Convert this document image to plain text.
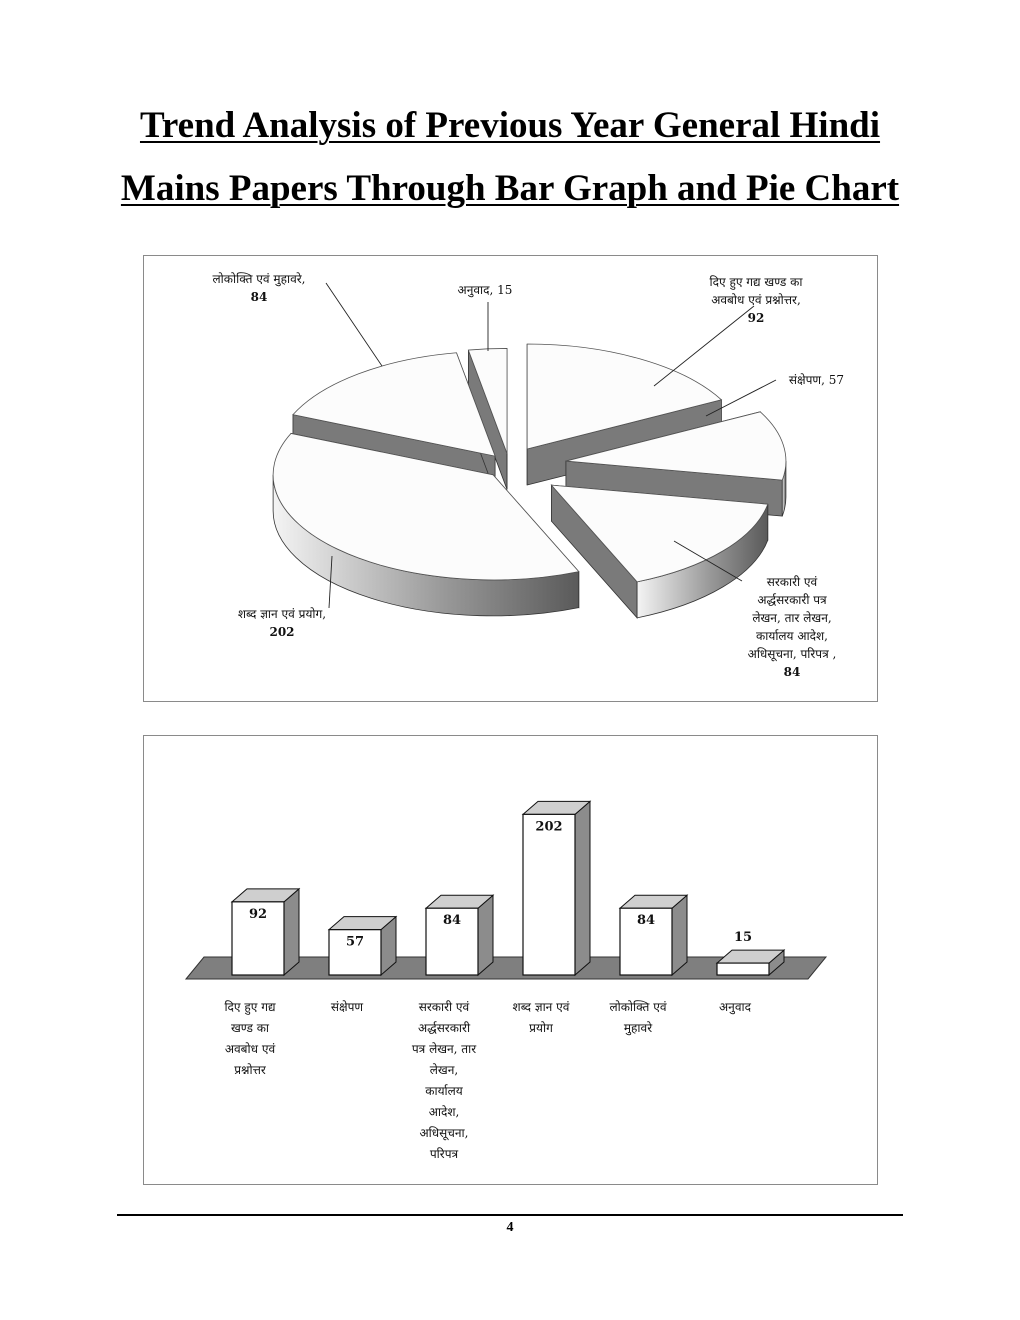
Trend Analysis of Previous Year General Hindi
Mains Papers Through Bar Graph and Pie Chart
दिए हुए गद्य खण्ड का
अवबोध एवं प्रश्नोत्तर,
92
संक्षेपण, 57
सरकारी एवं
अर्द्धसरकारी पत्र
लेखन, तार लेखन,
कार्यालय आदेश,
अधिसूचना, परिपत्र ,
84
शब्द ज्ञान एवं प्रयोग,
202
लोकोक्ति एवं मुहावरे,
84	अनुवाद, 15
92
दिए हुए गद्य
खण्ड का
अवबोध एवं
प्रश्नोत्तर
57
संक्षेपण
84
सरकारी एवं
अर्द्धसरकारी
पत्र लेखन, तार
लेखन,
कार्यालय
आदेश,
अधिसूचना,
परिपत्र
202
शब्द ज्ञान एवं
प्रयोग
84
लोकोक्ति एवं
मुहावरे
15
अनुवाद
4
